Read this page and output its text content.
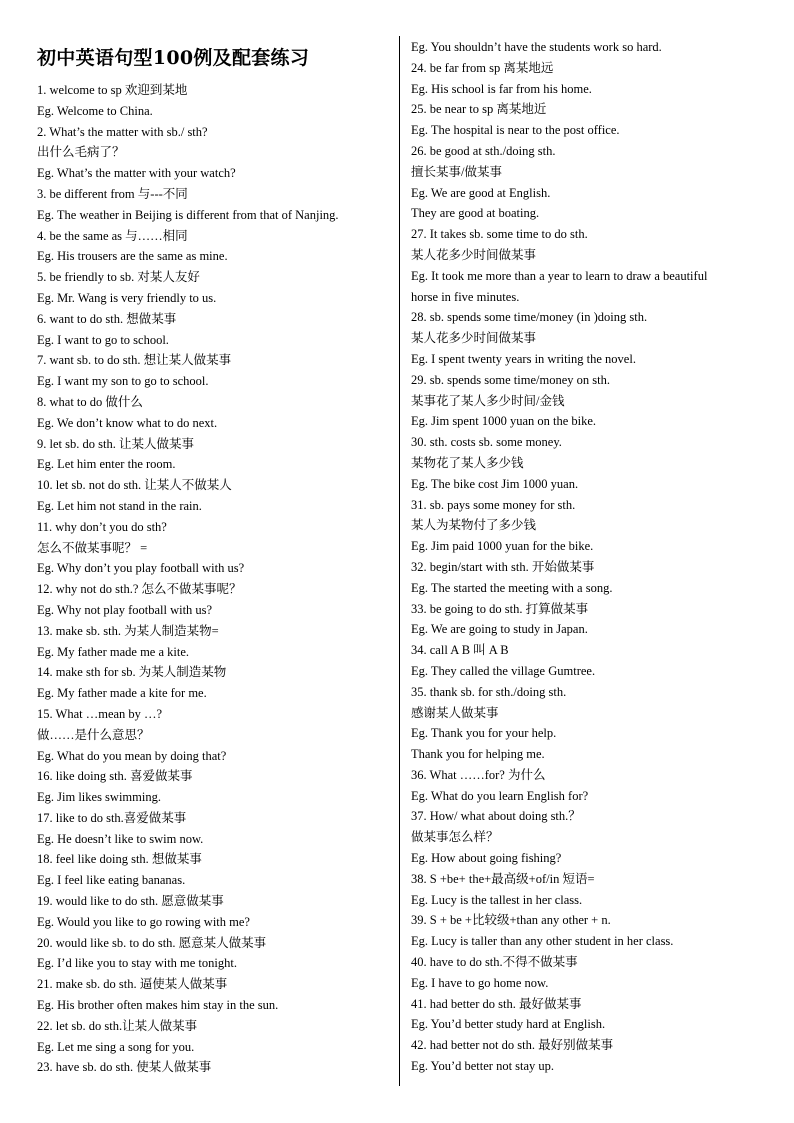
初中英语句型100例及配套练习
1. welcome to sp 欢迎到某地
Eg. Welcome to China.
2. What’s the matter with sb./ sth?
出什么毛病了？
Eg. What’s the matter with your watch?
3. be different from 与---不同
Eg. The weather in Beijing is different from that of Nanjing.
4. be the same as 与……相同
Eg. His trousers are the same as mine.
5. be friendly to sb. 对某人友好
Eg. Mr. Wang is very friendly to us.
6. want to do sth. 想做某事
Eg. I want to go to school.
7. want sb. to do sth. 想让某人做某事
Eg. I want my son to go to school.
8. what to do 做什么
Eg. We don’t know what to do next.
9. let sb. do sth. 让某人做某事
Eg. Let him enter the room.
10. let sb. not do sth. 让某人不做某人
Eg. Let him not stand in the rain.
11. why don’t you do sth?
怎么不做某事呢？ =
Eg. Why don’t you play football with us?
12. why not do sth.? 怎么不做某事呢？
Eg. Why not play football with us?
13. make sb. sth. 为某人制造某物=
Eg. My father made me a kite.
14. make sth for sb. 为某人制造某物
Eg. My father made a kite for me.
15. What …mean by …?
做……是什么意思？
Eg. What do you mean by doing that?
16. like doing sth. 喜爱做某事
Eg. Jim likes swimming.
17. like to do sth.喜爱做某事
Eg. He doesn’t like to swim now.
18. feel like doing sth. 想做某事
Eg. I feel like eating bananas.
19. would like to do sth. 愿意做某事
Eg. Would you like to go rowing with me?
20. would like sb. to do sth. 愿意某人做某事
Eg. I’d like you to stay with me tonight.
21. make sb. do sth. 逼使某人做某事
Eg. His brother often makes him stay in the sun.
22. let sb. do sth.让某人做某事
Eg. Let me sing a song for you.
23. have sb. do sth. 使某人做某事
Eg. You shouldn’t have the students work so hard.
24. be far from sp 离某地远
Eg. His school is far from his home.
25. be near to sp 离某地近
Eg. The hospital is near to the post office.
26. be good at sth./doing sth.
擅长某事/做某事
Eg. We are good at English.
They are good at boating.
27. It takes sb. some time to do sth.
某人花多少时间做某事
Eg. It took me more than a year to learn to draw a beautiful
horse in five minutes.
28. sb. spends some time/money (in )doing sth.
某人花多少时间做某事
Eg. I spent twenty years in writing the novel.
29. sb. spends some time/money on sth.
某事花了某人多少时间/金钱
Eg. Jim spent 1000 yuan on the bike.
30. sth. costs sb. some money.
某物花了某人多少钱
Eg. The bike cost Jim 1000 yuan.
31. sb. pays some money for sth.
某人为某物付了多少钱
Eg. Jim paid 1000 yuan for the bike.
32. begin/start with sth. 开始做某事
Eg. The started the meeting with a song.
33. be going to do sth. 打算做某事
Eg. We are going to study in Japan.
34. call A B 叫 A B
Eg. They called the village Gumtree.
35. thank sb. for sth./doing sth.
感谢某人做某事
Eg. Thank you for your help.
Thank you for helping me.
36. What ……for? 为什么
Eg. What do you learn English for?
37. How/ what about doing sth.？
做某事怎么样？
Eg. How about going fishing?
38. S +be+ the+最高级+of/in 短语=
Eg. Lucy is the tallest in her class.
39. S + be +比较级+than any other + n.
Eg. Lucy is taller than any other student in her class.
40. have to do sth.不得不做某事
Eg. I have to go home now.
41. had better do sth. 最好做某事
Eg. You’d better study hard at English.
42. had better not do sth. 最好别做某事
Eg. You’d better not stay up.
